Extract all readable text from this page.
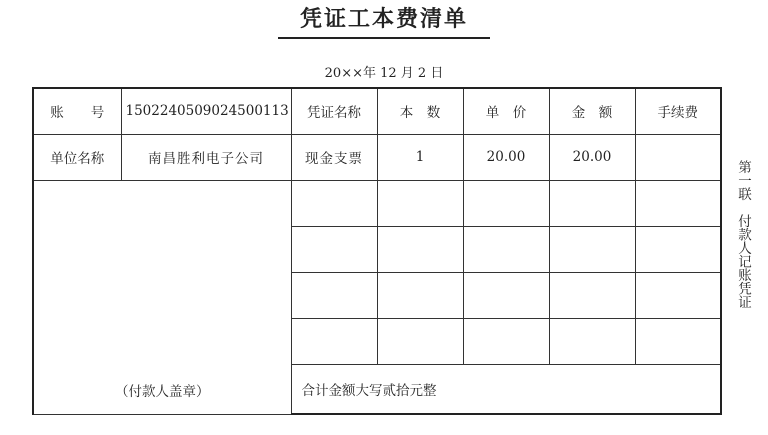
凭证工本费清单
20××年 12 月 2 日
账　　号	1502240509024500113	凭证名称	本　数	单　价	金　额	手续费
单位名称	南昌胜利电子公司	现金支票	1	20.00	20.00	
（付款人盖章）						

		合计金额大写贰拾元整				
第一联　付款人记账凭证
